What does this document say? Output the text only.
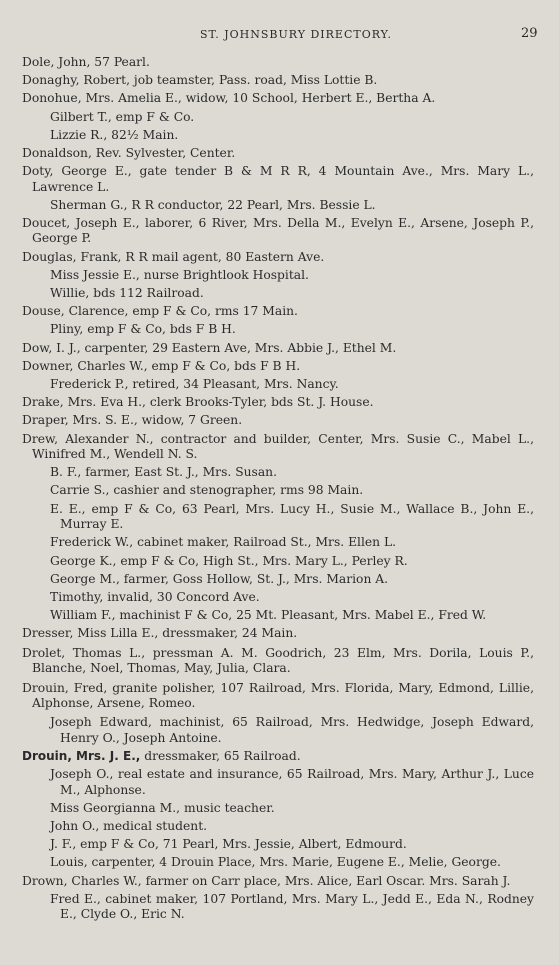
ST. JOHNSBURY DIRECTORY.	29
Dole, John, 57 Pearl.
Donaghy, Robert, job teamster, Pass. road, Miss Lottie B.
Donohue, Mrs. Amelia E., widow, 10 School, Herbert E., Bertha A.
Gilbert T., emp F & Co.
Lizzie R., 82½ Main.
Donaldson, Rev. Sylvester, Center.
Doty, George E., gate tender B & M R R, 4 Mountain Ave., Mrs. Mary L., Lawrence L.
Sherman G., R R conductor, 22 Pearl, Mrs. Bessie L.
Doucet, Joseph E., laborer, 6 River, Mrs. Della M., Evelyn E., Arsene, Joseph P., George P.
Douglas, Frank, R R mail agent, 80 Eastern Ave.
Miss Jessie E., nurse Brightlook Hospital.
Willie, bds 112 Railroad.
Douse, Clarence, emp F & Co, rms 17 Main.
Pliny, emp F & Co, bds F B H.
Dow, I. J., carpenter, 29 Eastern Ave, Mrs. Abbie J., Ethel M.
Downer, Charles W., emp F & Co, bds F B H.
Frederick P., retired, 34 Pleasant, Mrs. Nancy.
Drake, Mrs. Eva H., clerk Brooks-Tyler, bds St. J. House.
Draper, Mrs. S. E., widow, 7 Green.
Drew, Alexander N., contractor and builder, Center, Mrs. Susie C., Mabel L., Winifred M., Wendell N. S.
B. F., farmer, East St. J., Mrs. Susan.
Carrie S., cashier and stenographer, rms 98 Main.
E. E., emp F & Co, 63 Pearl, Mrs. Lucy H., Susie M., Wallace B., John E., Murray E.
Frederick W., cabinet maker, Railroad St., Mrs. Ellen L.
George K., emp F & Co, High St., Mrs. Mary L., Perley R.
George M., farmer, Goss Hollow, St. J., Mrs. Marion A.
Timothy, invalid, 30 Concord Ave.
William F., machinist F & Co, 25 Mt. Pleasant, Mrs. Mabel E., Fred W.
Dresser, Miss Lilla E., dressmaker, 24 Main.
Drolet, Thomas L., pressman A. M. Goodrich, 23 Elm, Mrs. Dorila, Louis P., Blanche, Noel, Thomas, May, Julia, Clara.
Drouin, Fred, granite polisher, 107 Railroad, Mrs. Florida, Mary, Edmond, Lillie, Alphonse, Arsene, Romeo.
Joseph Edward, machinist, 65 Railroad, Mrs. Hedwidge, Joseph Edward, Henry O., Joseph Antoine.
Drouin, Mrs. J. E., dressmaker, 65 Railroad.
Joseph O., real estate and insurance, 65 Railroad, Mrs. Mary, Arthur J., Luce M., Alphonse.
Miss Georgianna M., music teacher.
John O., medical student.
J. F., emp F & Co, 71 Pearl, Mrs. Jessie, Albert, Edmourd.
Louis, carpenter, 4 Drouin Place, Mrs. Marie, Eugene E., Melie, George.
Drown, Charles W., farmer on Carr place, Mrs. Alice, Earl Oscar. Mrs. Sarah J.
Fred E., cabinet maker, 107 Portland, Mrs. Mary L., Jedd E., Eda N., Rodney E., Clyde O., Eric N.
